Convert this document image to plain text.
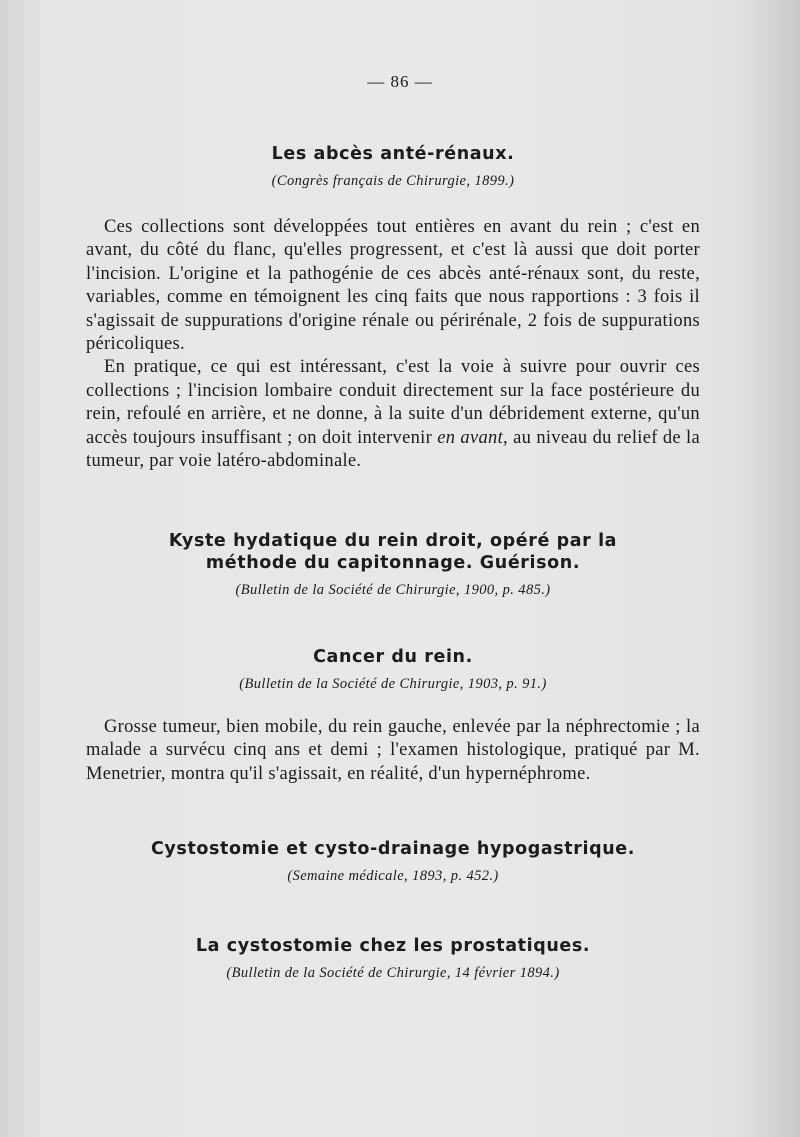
— 86 —
Les abcès anté-rénaux.

(Congrès français de Chirurgie, 1899.)

Ces collections sont développées tout entières en avant du rein ; c'est en avant, du côté du flanc, qu'elles progressent, et c'est là aussi que doit porter l'incision. L'origine et la pathogénie de ces abcès anté-rénaux sont, du reste, variables, comme en témoignent les cinq faits que nous rapportions : 3 fois il s'agissait de suppurations d'origine rénale ou périrénale, 2 fois de suppurations péricoliques.

En pratique, ce qui est intéressant, c'est la voie à suivre pour ouvrir ces collections ; l'incision lombaire conduit directement sur la face postérieure du rein, refoulé en arrière, et ne donne, à la suite d'un débridement externe, qu'un accès toujours insuffisant ; on doit intervenir en avant, au niveau du relief de la tumeur, par voie latéro-abdominale.

Kyste hydatique du rein droit, opéré par la méthode du capitonnage. Guérison.

(Bulletin de la Société de Chirurgie, 1900, p. 485.)

Cancer du rein.

(Bulletin de la Société de Chirurgie, 1903, p. 91.)

Grosse tumeur, bien mobile, du rein gauche, enlevée par la néphrectomie ; la malade a survécu cinq ans et demi ; l'examen histologique, pratiqué par M. Menetrier, montra qu'il s'agissait, en réalité, d'un hypernéphrome.

Cystostomie et cysto-drainage hypogastrique.

(Semaine médicale, 1893, p. 452.)

La cystostomie chez les prostatiques.

(Bulletin de la Société de Chirurgie, 14 février 1894.)
